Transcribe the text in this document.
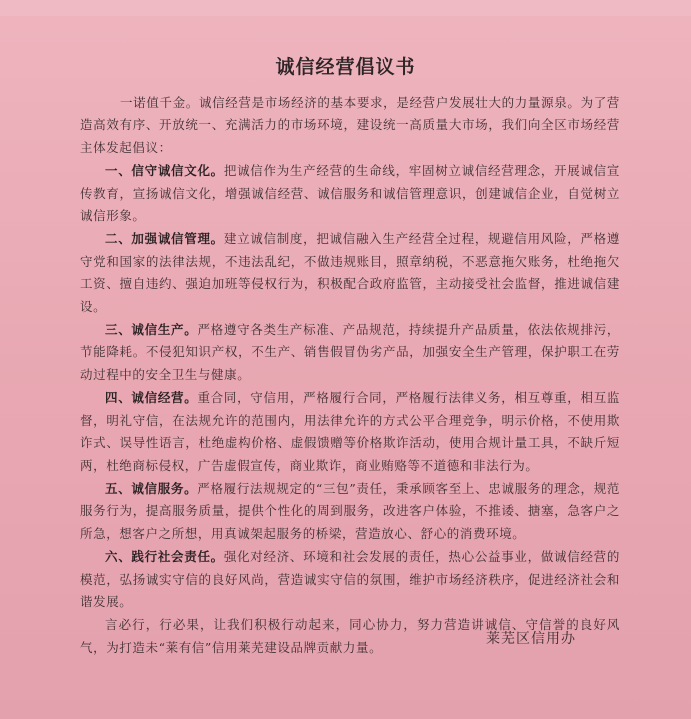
诚信经营倡议书

一诺值千金。诚信经营是市场经济的基本要求，是经营户发展壮大的力量源泉。为了营造高效有序、开放统一、充满活力的市场环境，建设统一高质量大市场，我们向全区市场经营主体发起倡议：

一、信守诚信文化。把诚信作为生产经营的生命线，牢固树立诚信经营理念，开展诚信宣传教育，宣扬诚信文化，增强诚信经营、诚信服务和诚信管理意识，创建诚信企业，自觉树立诚信形象。

二、加强诚信管理。建立诚信制度，把诚信融入生产经营全过程，规避信用风险，严格遵守党和国家的法律法规，不违法乱纪，不做违规账目，照章纳税，不恶意拖欠账务，杜绝拖欠工资、擅自违约、强迫加班等侵权行为，积极配合政府监管，主动接受社会监督，推进诚信建设。

三、诚信生产。严格遵守各类生产标准、产品规范，持续提升产品质量，依法依规排污，节能降耗。不侵犯知识产权，不生产、销售假冒伪劣产品，加强安全生产管理，保护职工在劳动过程中的安全卫生与健康。

四、诚信经营。重合同，守信用，严格履行合同，严格履行法律义务，相互尊重，相互监督，明礼守信，在法规允许的范围内，用法律允许的方式公平合理竞争，明示价格，不使用欺诈式、误导性语言，杜绝虚构价格、虚假馈赠等价格欺诈活动，使用合规计量工具，不缺斤短两，杜绝商标侵权，广告虚假宣传，商业欺诈，商业贿赂等不道德和非法行为。

五、诚信服务。严格履行法规规定的“三包”责任，秉承顾客至上、忠诚服务的理念，规范服务行为，提高服务质量，提供个性化的周到服务，改进客户体验，不推诿、搪塞，急客户之所急，想客户之所想，用真诚架起服务的桥梁，营造放心、舒心的消费环境。

六、践行社会责任。强化对经济、环境和社会发展的责任，热心公益事业，做诚信经营的模范，弘扬诚实守信的良好风尚，营造诚实守信的氛围，维护市场经济秩序，促进经济社会和谐发展。

言必行，行必果，让我们积极行动起来，同心协力，努力营造讲诚信、守信誉的良好风气，为打造未“莱有信”信用莱芜建设品牌贡献力量。

莱芜区信用办
